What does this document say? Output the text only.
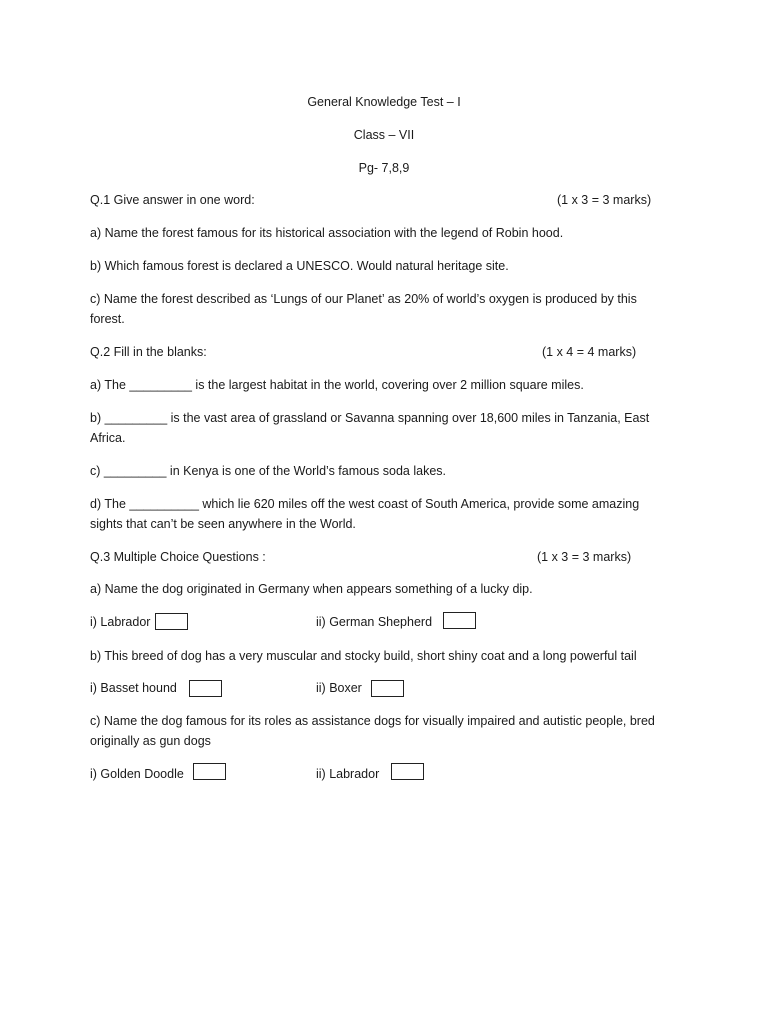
General Knowledge Test – I
Class – VII
Pg- 7,8,9
Q.1 Give answer in one word:	(1 x 3 = 3 marks)
a) Name the forest famous for its historical association with the legend of Robin hood.
b) Which famous forest is declared a UNESCO. Would natural heritage site.
c) Name the forest described as ‘Lungs of our Planet’ as 20% of world’s oxygen is produced by this forest.
Q.2 Fill in the blanks:	(1 x 4 = 4 marks)
a) The _________ is the largest habitat in the world, covering over 2 million square miles.
b) _________ is the vast area of grassland or Savanna spanning over 18,600 miles in Tanzania, East Africa.
c) _________ in Kenya is one of the World’s famous soda lakes.
d) The __________ which lie 620 miles off the west coast of South America, provide some amazing sights that can’t be seen anywhere in the World.
Q.3 Multiple Choice Questions :	(1 x 3 = 3 marks)
a) Name the dog originated in Germany when appears something of a lucky dip.
i) Labrador	ii) German Shepherd
b) This breed of dog has a very muscular and stocky build, short shiny coat and a long powerful tail
i) Basset hound	ii) Boxer
c) Name the dog famous for its roles as assistance dogs for visually impaired and autistic people, bred originally as gun dogs
i) Golden Doodle	ii) Labrador
